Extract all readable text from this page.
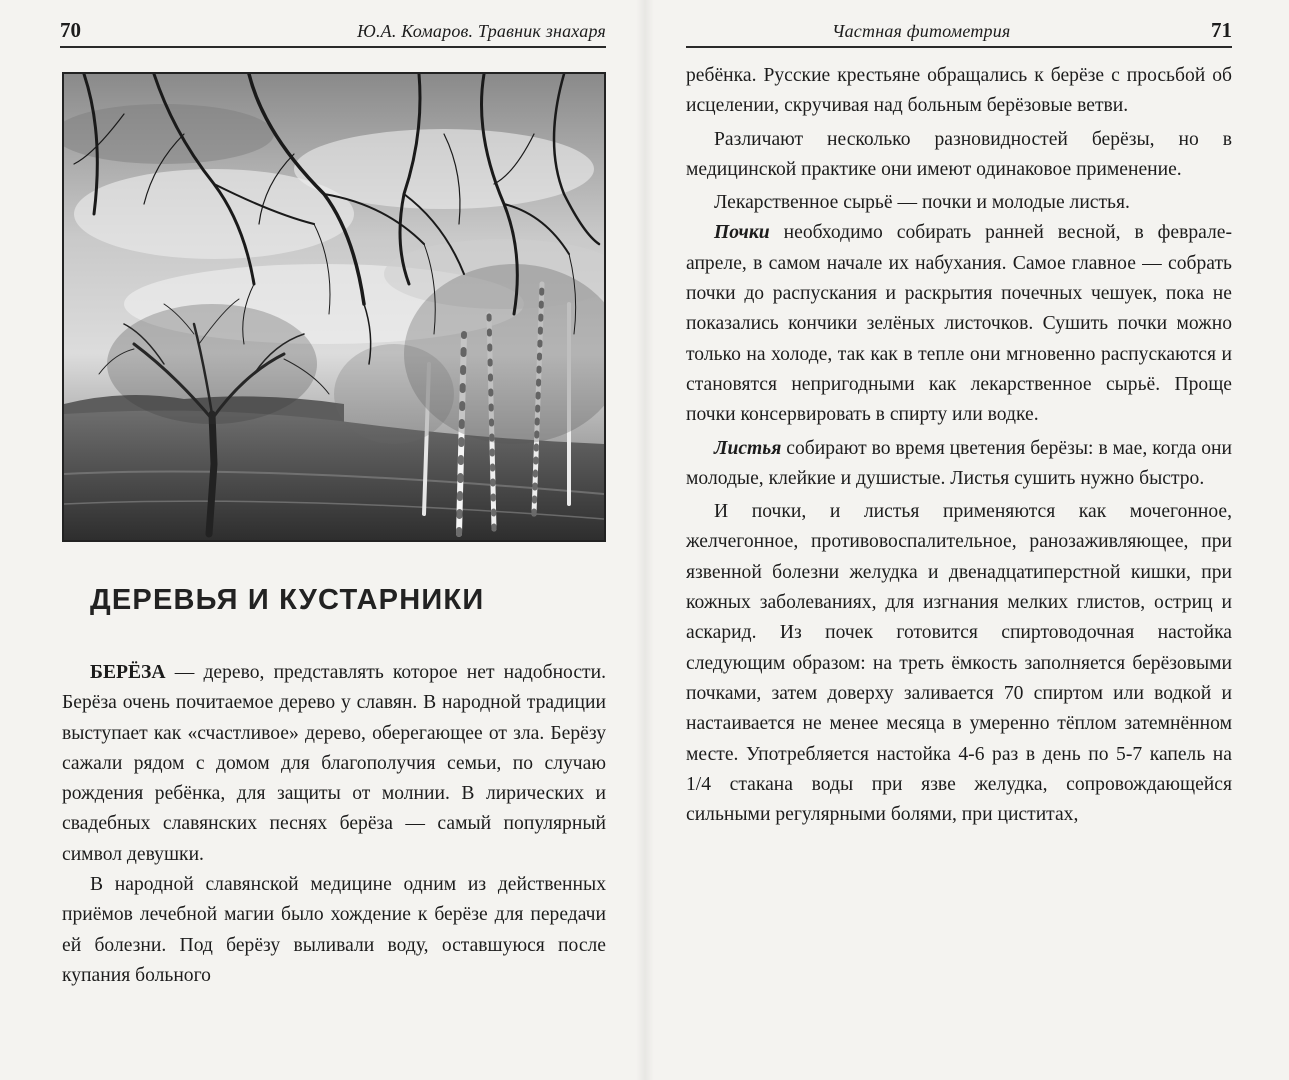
70	Ю.А. Комаров. Травник знахаря
ДЕРЕВЬЯ И КУСТАРНИКИ

БЕРЁЗА — дерево, представлять которое нет надобности. Берёза очень почитаемое дерево у славян. В народной традиции выступает как «счастливое» дерево, оберегающее от зла. Берёзу сажали рядом с домом для благополучия семьи, по случаю рождения ребёнка, для защиты от молнии. В лирических и свадебных славянских песнях берёза — самый популярный символ девушки.

В народной славянской медицине одним из действенных приёмов лечебной магии было хождение к берёзе для передачи ей болезни. Под берёзу выливали воду, оставшуюся после купания больного

Частная фитометрия	71

ребёнка. Русские крестьяне обращались к берёзе с просьбой об исцелении, скручивая над больным берёзовые ветви.

Различают несколько разновидностей берёзы, но в медицинской практике они имеют одинаковое применение.

Лекарственное сырьё — почки и молодые листья.

Почки необходимо собирать ранней весной, в феврале-апреле, в самом начале их набухания. Самое главное — собрать почки до распускания и раскрытия почечных чешуек, пока не показались кончики зелёных листочков. Сушить почки можно только на холоде, так как в тепле они мгновенно распускаются и становятся непригодными как лекарственное сырьё. Проще почки консервировать в спирту или водке.

Листья собирают во время цветения берёзы: в мае, когда они молодые, клейкие и душистые. Листья сушить нужно быстро.

И почки, и листья применяются как мочегонное, желчегонное, противовоспалительное, ранозаживляющее, при язвенной болезни желудка и двенадцатиперстной кишки, при кожных заболеваниях, для изгнания мелких глистов, остриц и аскарид. Из почек готовится спиртоводочная настойка следующим образом: на треть ёмкость заполняется берёзовыми почками, затем доверху заливается 70 спиртом или водкой и настаивается не менее месяца в умеренно тёплом затемнённом месте. Употребляется настойка 4-6 раз в день по 5-7 капель на 1/4 стакана воды при язве желудка, сопровождающейся сильными регулярными болями, при циститах,
